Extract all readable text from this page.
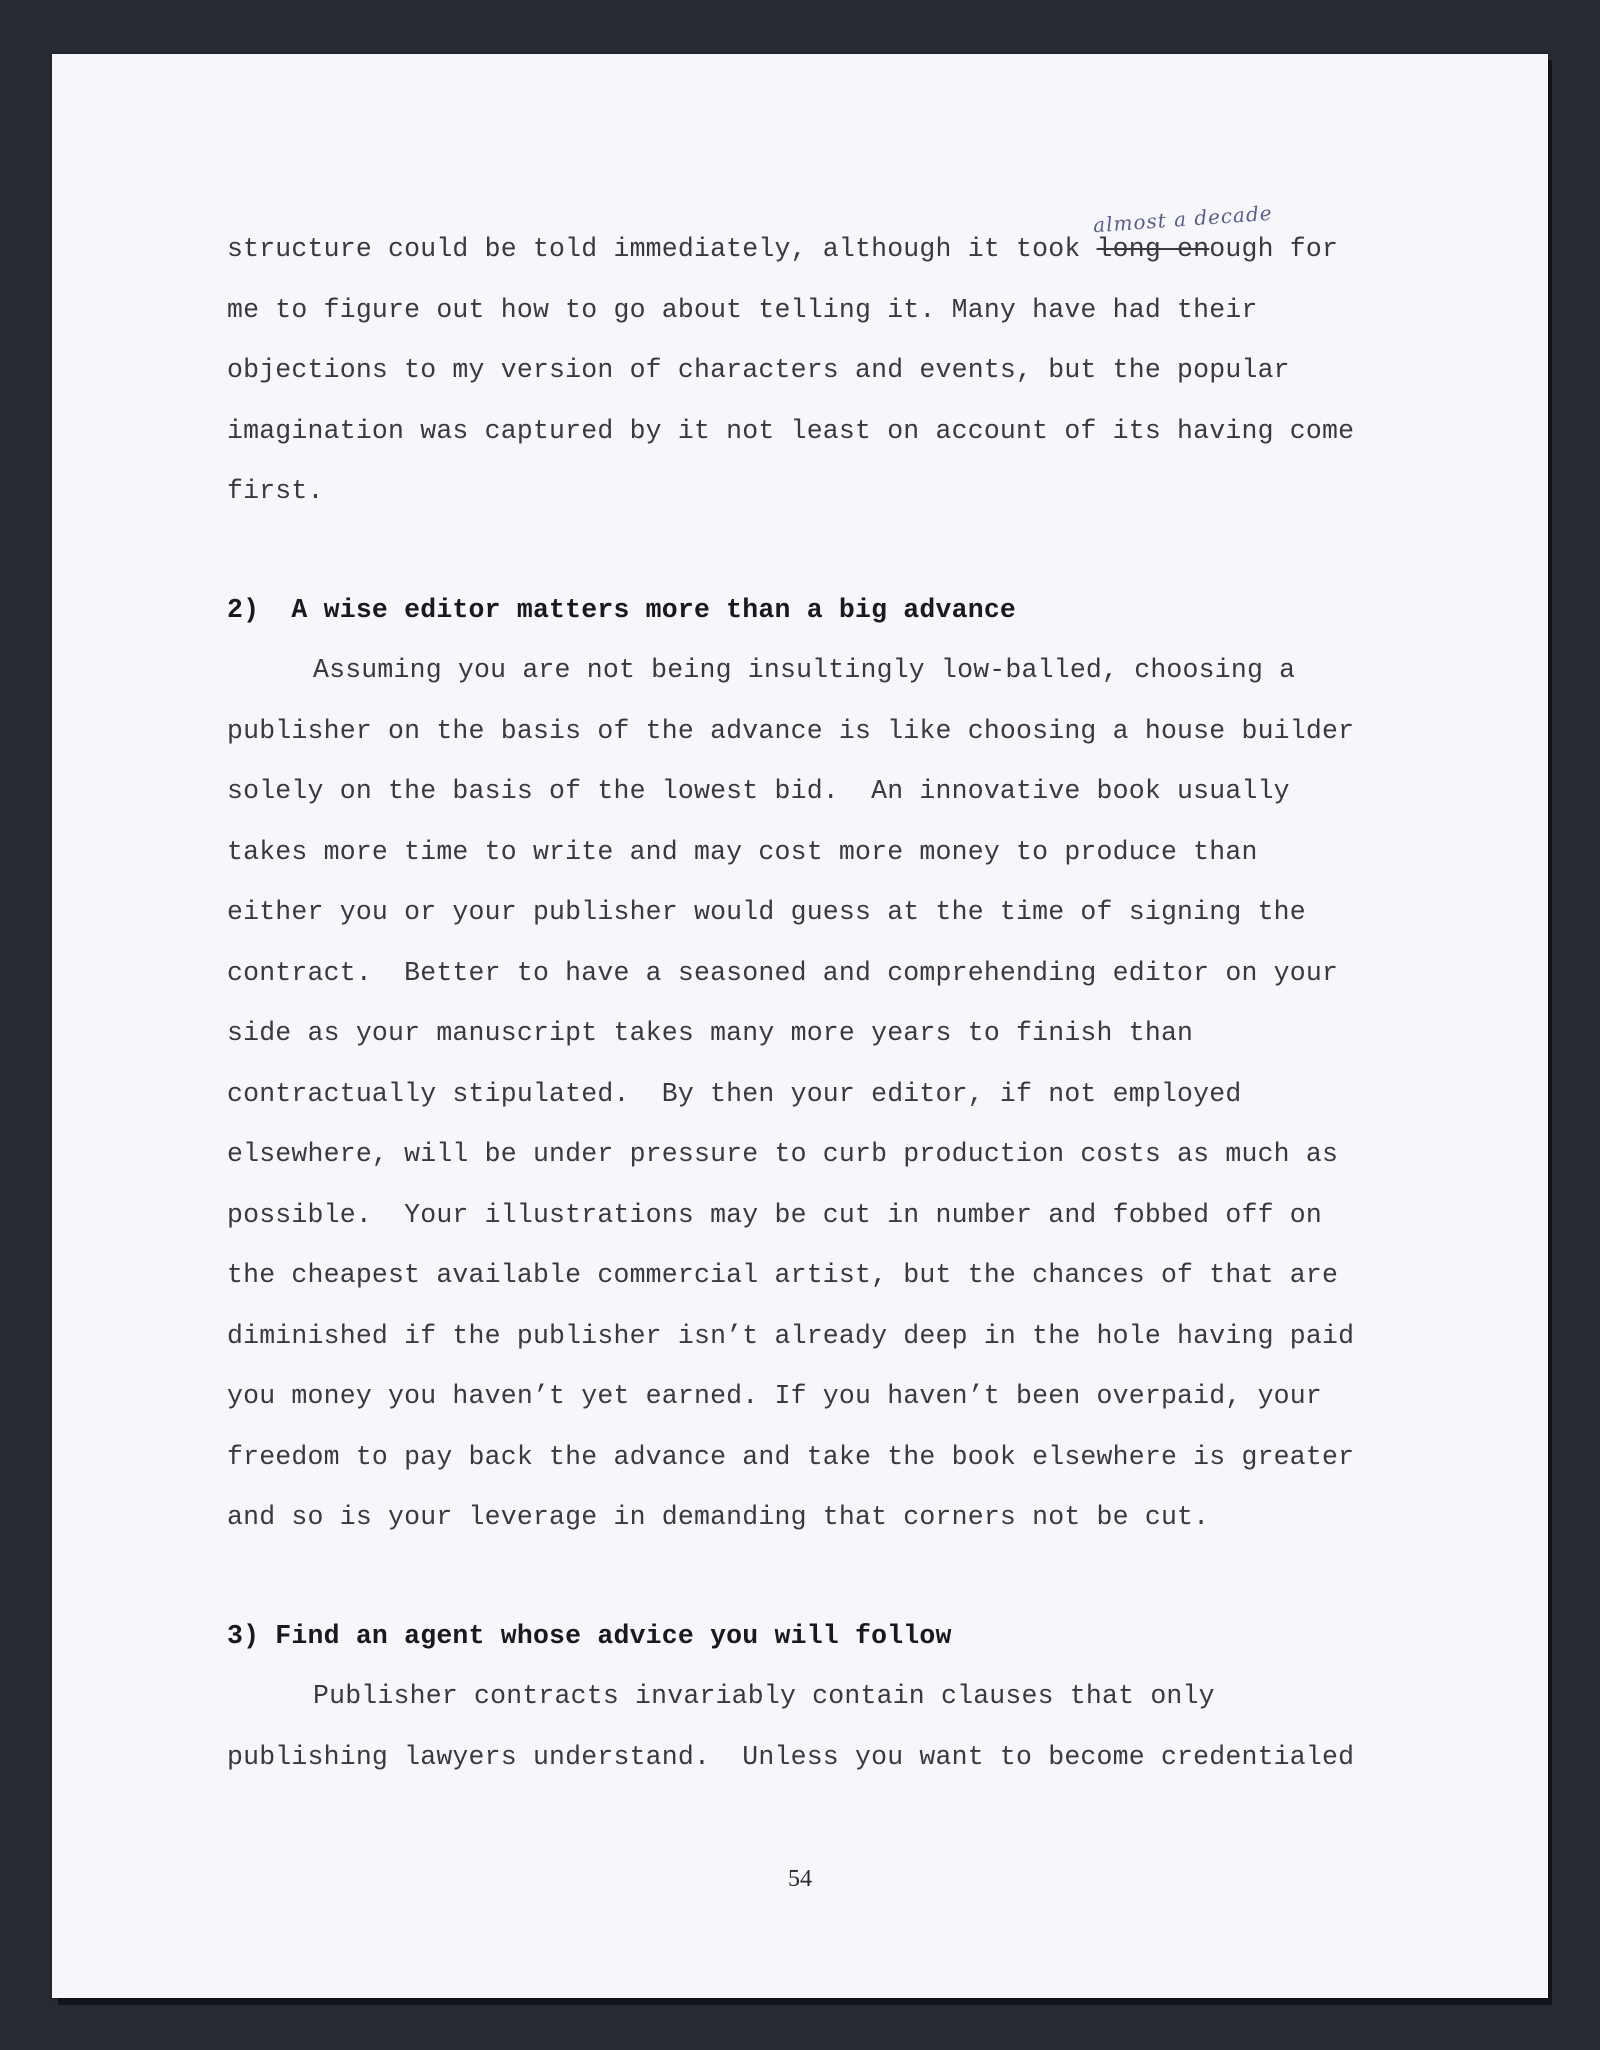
structure could be told immediately, although it took
almost a decade
long enough for
me to figure out how to go about telling it. Many have had their
objections to my version of characters and events, but the popular
imagination was captured by it not least on account of its having come
first.
2)  A wise editor matters more than a big advance
Assuming you are not being insultingly low-balled, choosing a
publisher on the basis of the advance is like choosing a house builder
solely on the basis of the lowest bid.  An innovative book usually
takes more time to write and may cost more money to produce than
either you or your publisher would guess at the time of signing the
contract.  Better to have a seasoned and comprehending editor on your
side as your manuscript takes many more years to finish than
contractually stipulated.  By then your editor, if not employed
elsewhere, will be under pressure to curb production costs as much as
possible.  Your illustrations may be cut in number and fobbed off on
the cheapest available commercial artist, but the chances of that are
diminished if the publisher isn’t already deep in the hole having paid
you money you haven’t yet earned. If you haven’t been overpaid, your
freedom to pay back the advance and take the book elsewhere is greater
and so is your leverage in demanding that corners not be cut.
3) Find an agent whose advice you will follow
Publisher contracts invariably contain clauses that only
publishing lawyers understand.  Unless you want to become credentialed
54
